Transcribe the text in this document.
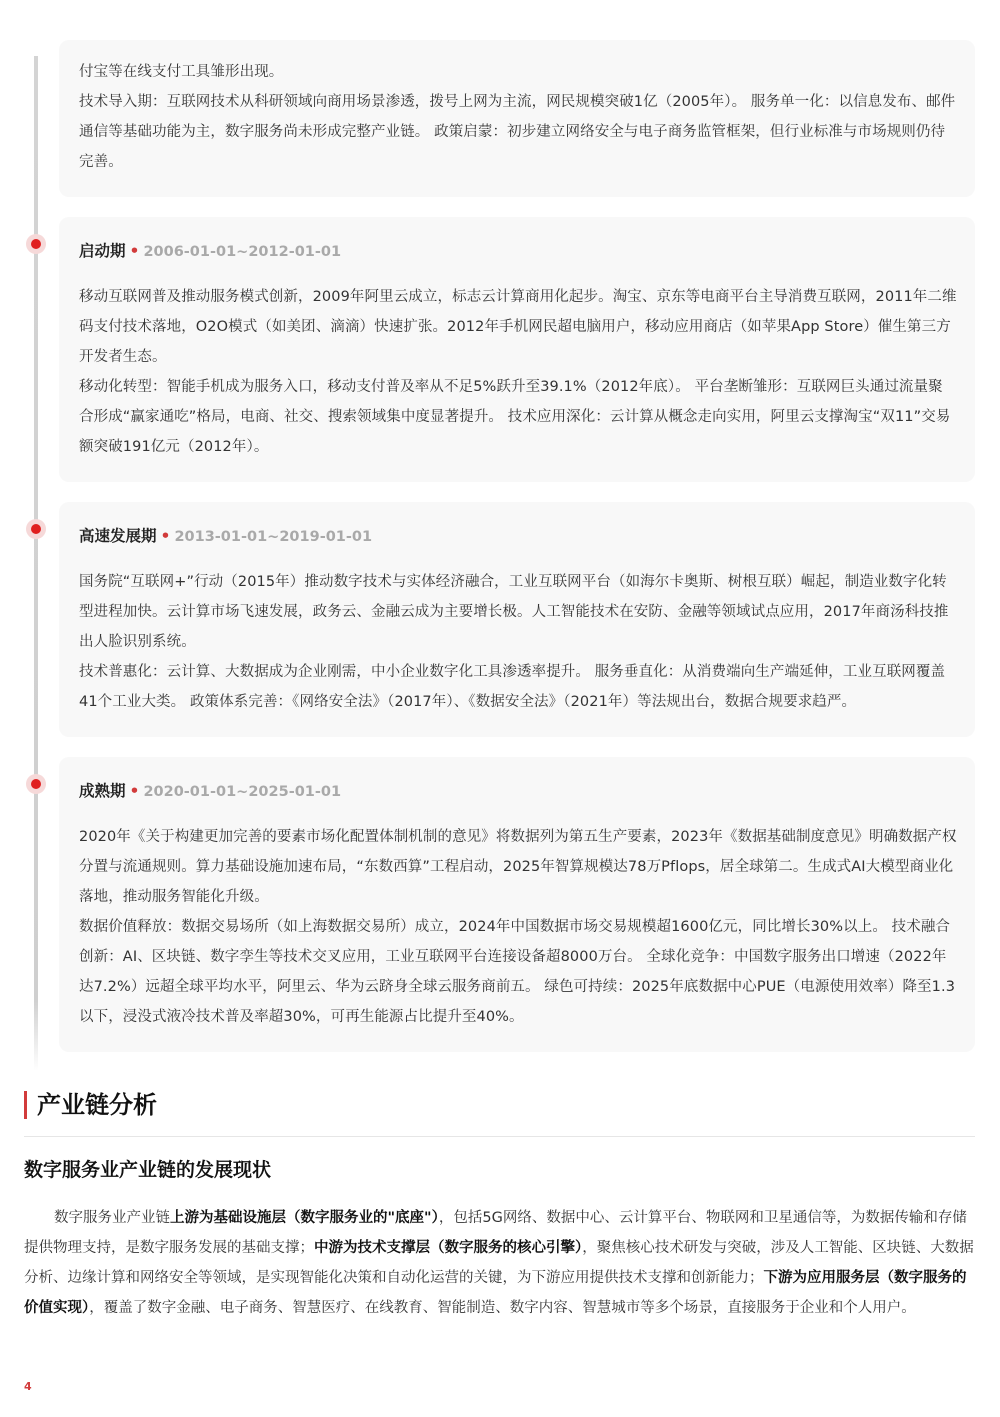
付宝等在线支付工具雏形出现。

技术导入期：互联网技术从科研领域向商用场景渗透，拨号上网为主流，网民规模突破1亿（2005年）。 服务单一化：以信息发布、邮件通信等基础功能为主，数字服务尚未形成完整产业链。 政策启蒙：初步建立网络安全与电子商务监管框架，但行业标准与市场规则仍待完善。

启动期 • 2006-01-01~2012-01-01

移动互联网普及推动服务模式创新，2009年阿里云成立，标志云计算商用化起步。淘宝、京东等电商平台主导消费互联网，2011年二维码支付技术落地，O2O模式（如美团、滴滴）快速扩张。2012年手机网民超电脑用户，移动应用商店（如苹果App Store）催生第三方开发者生态。

移动化转型：智能手机成为服务入口，移动支付普及率从不足5%跃升至39.1%（2012年底）。 平台垄断雏形：互联网巨头通过流量聚合形成“赢家通吃”格局，电商、社交、搜索领域集中度显著提升。 技术应用深化：云计算从概念走向实用，阿里云支撑淘宝“双11”交易额突破191亿元（2012年）。

高速发展期 • 2013-01-01~2019-01-01

国务院“互联网+”行动（2015年）推动数字技术与实体经济融合，工业互联网平台（如海尔卡奥斯、树根互联）崛起，制造业数字化转型进程加快。云计算市场飞速发展，政务云、金融云成为主要增长极。人工智能技术在安防、金融等领域试点应用，2017年商汤科技推出人脸识别系统。

技术普惠化：云计算、大数据成为企业刚需，中小企业数字化工具渗透率提升。 服务垂直化：从消费端向生产端延伸，工业互联网覆盖41个工业大类。 政策体系完善：《网络安全法》（2017年）、《数据安全法》（2021年）等法规出台，数据合规要求趋严。

成熟期 • 2020-01-01~2025-01-01

2020年《关于构建更加完善的要素市场化配置体制机制的意见》将数据列为第五生产要素，2023年《数据基础制度意见》明确数据产权分置与流通规则。算力基础设施加速布局，“东数西算”工程启动，2025年智算规模达78万Pflops，居全球第二。生成式AI大模型商业化落地，推动服务智能化升级。

数据价值释放：数据交易场所（如上海数据交易所）成立，2024年中国数据市场交易规模超1600亿元，同比增长30%以上。 技术融合创新：AI、区块链、数字孪生等技术交叉应用，工业互联网平台连接设备超8000万台。 全球化竞争：中国数字服务出口增速（2022年达7.2%）远超全球平均水平，阿里云、华为云跻身全球云服务商前五。 绿色可持续：2025年底数据中心PUE（电源使用效率）降至1.3以下，浸没式液冷技术普及率超30%，可再生能源占比提升至40%。

产业链分析
数字服务业产业链的发展现状

数字服务业产业链上游为基础设施层（数字服务业的"底座"），包括5G网络、数据中心、云计算平台、物联网和卫星通信等，为数据传输和存储提供物理支持，是数字服务发展的基础支撑；中游为技术支撑层（数字服务的核心引擎），聚焦核心技术研发与突破，涉及人工智能、区块链、大数据分析、边缘计算和网络安全等领域，是实现智能化决策和自动化运营的关键，为下游应用提供技术支撑和创新能力；下游为应用服务层（数字服务的价值实现），覆盖了数字金融、电子商务、智慧医疗、在线教育、智能制造、数字内容、智慧城市等多个场景，直接服务于企业和个人用户。

4
